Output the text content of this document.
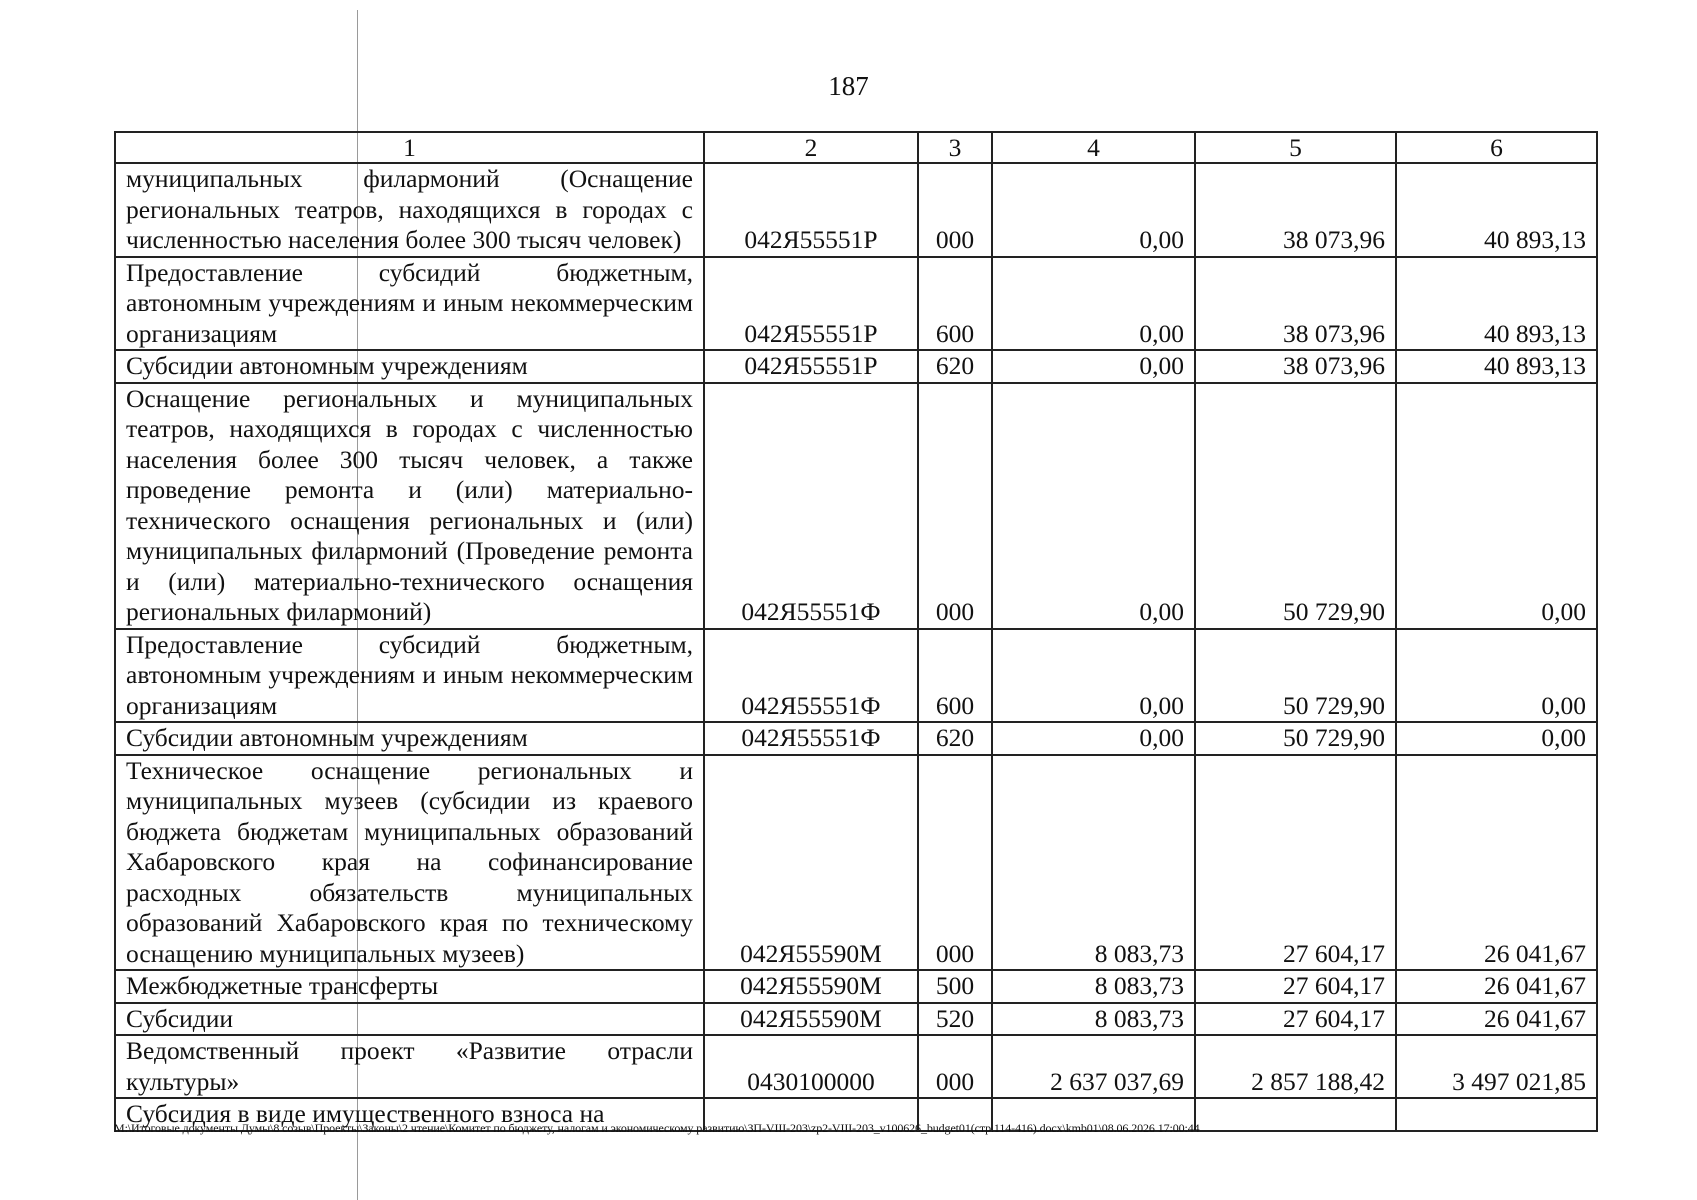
187
1	2	3	4	5	6
муниципальных филармоний (Оснащение региональных театров, находящихся в городах с численностью населения более 300 тысяч человек)	042Я55551Р	000	0,00	38 073,96	40 893,13
Предоставление субсидий бюджетным, автономным учреждениям и иным некоммерческим организациям	042Я55551Р	600	0,00	38 073,96	40 893,13
Субсидии автономным учреждениям	042Я55551Р	620	0,00	38 073,96	40 893,13
Оснащение региональных и муниципальных театров, находящихся в городах с численностью населения более 300 тысяч человек, а также проведение ремонта и (или) материально-технического оснащения региональных и (или) муниципальных филармоний (Проведение ремонта и (или) материально-технического оснащения региональных филармоний)	042Я55551Ф	000	0,00	50 729,90	0,00
Предоставление субсидий бюджетным, автономным учреждениям и иным некоммерческим организациям	042Я55551Ф	600	0,00	50 729,90	0,00
Субсидии автономным учреждениям	042Я55551Ф	620	0,00	50 729,90	0,00
Техническое оснащение региональных и муниципальных музеев (субсидии из краевого бюджета бюджетам муниципальных образований Хабаровского края на софинансирование расходных обязательств муниципальных образований Хабаровского края по техническому оснащению муниципальных музеев)	042Я55590М	000	8 083,73	27 604,17	26 041,67
Межбюджетные трансферты	042Я55590М	500	8 083,73	27 604,17	26 041,67
Субсидии	042Я55590М	520	8 083,73	27 604,17	26 041,67
Ведомственный проект «Развитие отрасли культуры»	0430100000	000	2 637 037,69	2 857 188,42	3 497 021,85
Субсидия в виде имущественного взноса на					
M:\Итоговые документы Думы\8 созыв\Проекты\Законы\2 чтение\Комитет по бюджету, налогам и экономическому развитию\ЗП-VIII-203\zp2-VIII-203_v100626_budget01(стр.114-416).docx\kmb01\08.06.2026 17:00:44
